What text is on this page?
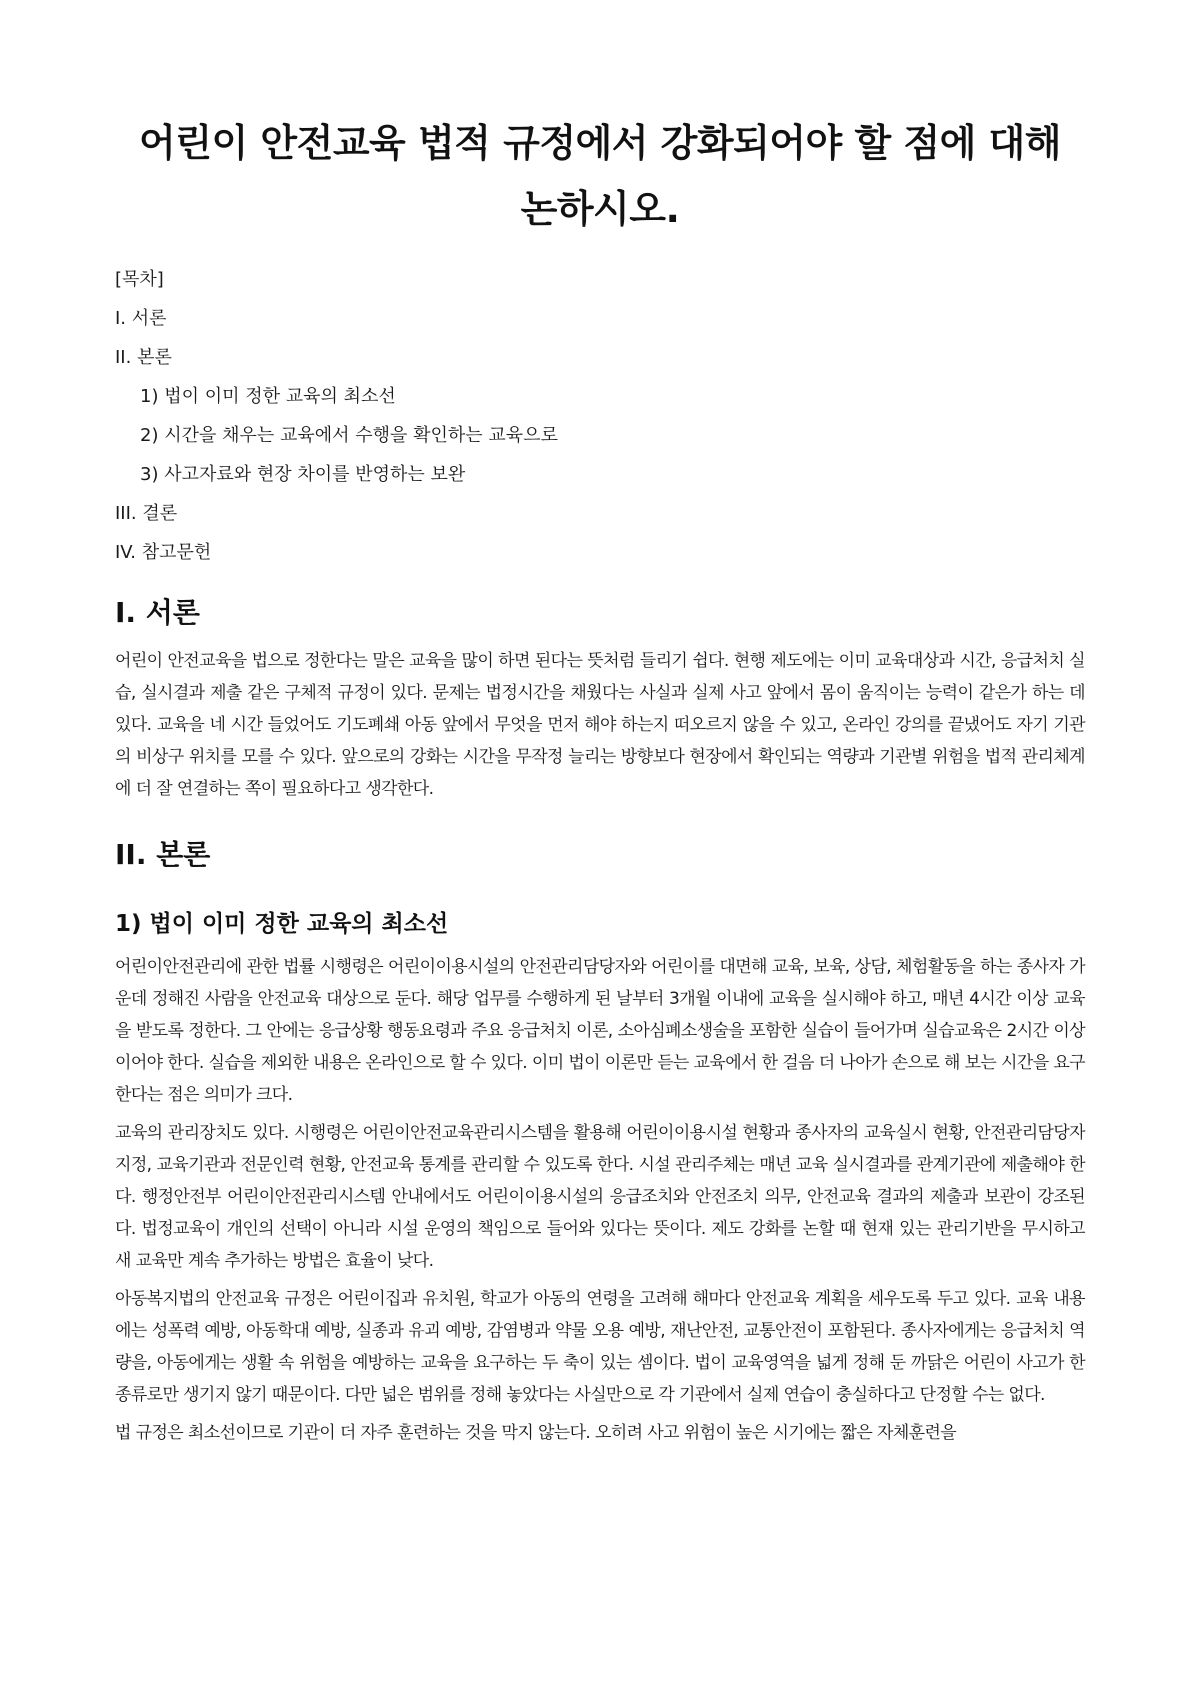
어린이 안전교육 법적 규정에서 강화되어야 할 점에 대해 논하시오.
[목차]
I. 서론
II. 본론
1) 법이 이미 정한 교육의 최소선
2) 시간을 채우는 교육에서 수행을 확인하는 교육으로
3) 사고자료와 현장 차이를 반영하는 보완
III. 결론
IV. 참고문헌
I. 서론

어린이 안전교육을 법으로 정한다는 말은 교육을 많이 하면 된다는 뜻처럼 들리기 쉽다. 현행 제도에는 이미 교육대상과 시간, 응급처치 실습, 실시결과 제출 같은 구체적 규정이 있다. 문제는 법정시간을 채웠다는 사실과 실제 사고 앞에서 몸이 움직이는 능력이 같은가 하는 데 있다. 교육을 네 시간 들었어도 기도폐쇄 아동 앞에서 무엇을 먼저 해야 하는지 떠오르지 않을 수 있고, 온라인 강의를 끝냈어도 자기 기관의 비상구 위치를 모를 수 있다. 앞으로의 강화는 시간을 무작정 늘리는 방향보다 현장에서 확인되는 역량과 기관별 위험을 법적 관리체계에 더 잘 연결하는 쪽이 필요하다고 생각한다.

II. 본론
1) 법이 이미 정한 교육의 최소선

어린이안전관리에 관한 법률 시행령은 어린이이용시설의 안전관리담당자와 어린이를 대면해 교육, 보육, 상담, 체험활동을 하는 종사자 가운데 정해진 사람을 안전교육 대상으로 둔다. 해당 업무를 수행하게 된 날부터 3개월 이내에 교육을 실시해야 하고, 매년 4시간 이상 교육을 받도록 정한다. 그 안에는 응급상황 행동요령과 주요 응급처치 이론, 소아심폐소생술을 포함한 실습이 들어가며 실습교육은 2시간 이상이어야 한다. 실습을 제외한 내용은 온라인으로 할 수 있다. 이미 법이 이론만 듣는 교육에서 한 걸음 더 나아가 손으로 해 보는 시간을 요구한다는 점은 의미가 크다.

교육의 관리장치도 있다. 시행령은 어린이안전교육관리시스템을 활용해 어린이이용시설 현황과 종사자의 교육실시 현황, 안전관리담당자 지정, 교육기관과 전문인력 현황, 안전교육 통계를 관리할 수 있도록 한다. 시설 관리주체는 매년 교육 실시결과를 관계기관에 제출해야 한다. 행정안전부 어린이안전관리시스템 안내에서도 어린이이용시설의 응급조치와 안전조치 의무, 안전교육 결과의 제출과 보관이 강조된다. 법정교육이 개인의 선택이 아니라 시설 운영의 책임으로 들어와 있다는 뜻이다. 제도 강화를 논할 때 현재 있는 관리기반을 무시하고 새 교육만 계속 추가하는 방법은 효율이 낮다.

아동복지법의 안전교육 규정은 어린이집과 유치원, 학교가 아동의 연령을 고려해 해마다 안전교육 계획을 세우도록 두고 있다. 교육 내용에는 성폭력 예방, 아동학대 예방, 실종과 유괴 예방, 감염병과 약물 오용 예방, 재난안전, 교통안전이 포함된다. 종사자에게는 응급처치 역량을, 아동에게는 생활 속 위험을 예방하는 교육을 요구하는 두 축이 있는 셈이다. 법이 교육영역을 넓게 정해 둔 까닭은 어린이 사고가 한 종류로만 생기지 않기 때문이다. 다만 넓은 범위를 정해 놓았다는 사실만으로 각 기관에서 실제 연습이 충실하다고 단정할 수는 없다.

법 규정은 최소선이므로 기관이 더 자주 훈련하는 것을 막지 않는다. 오히려 사고 위험이 높은 시기에는 짧은 자체훈련을
